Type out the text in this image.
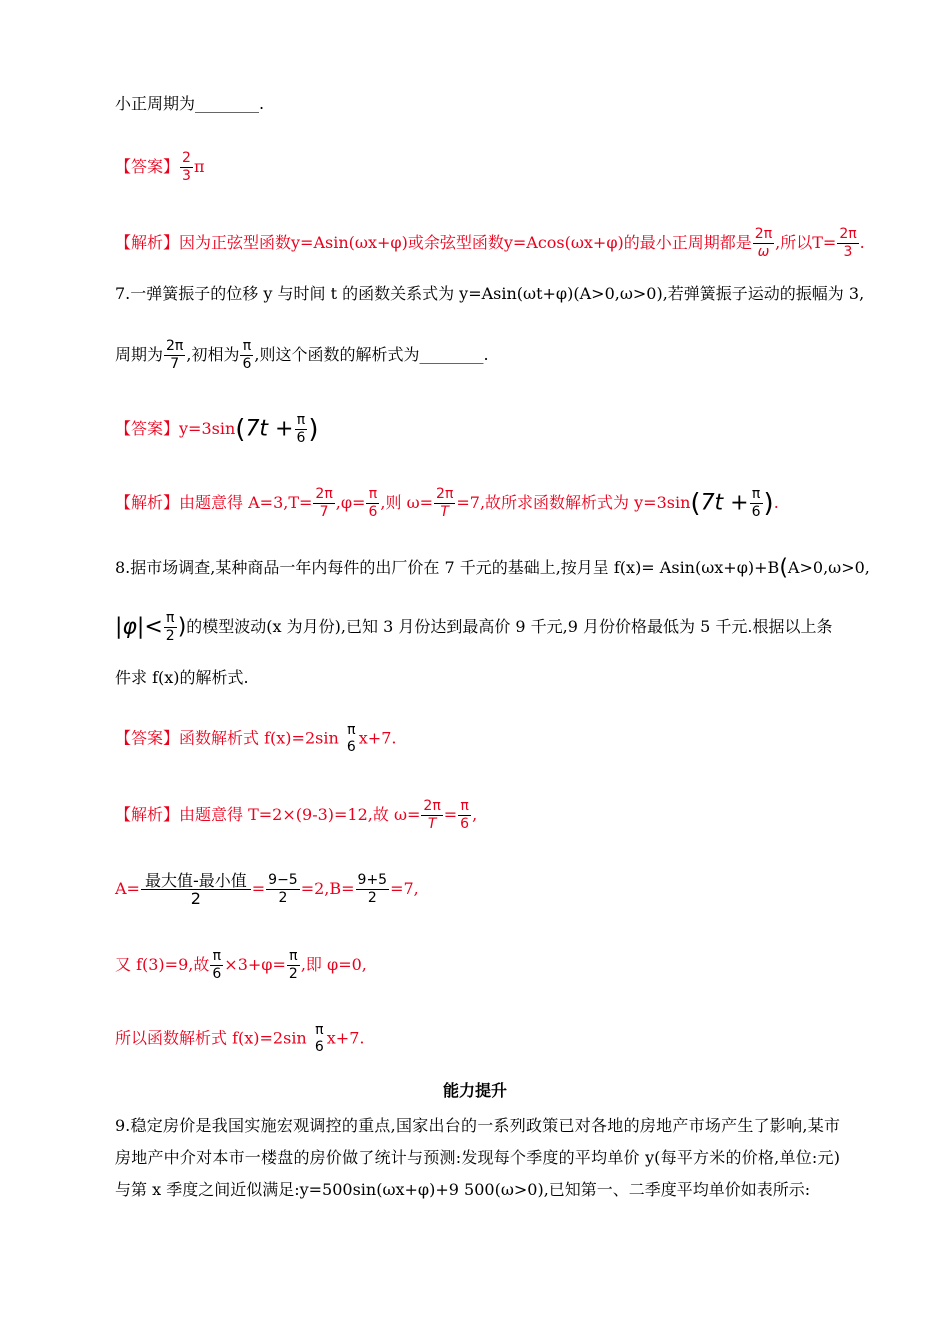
小正周期为________.
【答案】 $\frac{2}{3}$ π
【解析】因为正弦型函数y=Asin(ωx+φ)或余弦型函数y=Acos(ωx+φ)的最小正周期都是 $\frac{2\pi}{\omega}$ ,所以$T= \frac{2\pi}{3}$ .
7.一弹簧振子的位移 y 与时间 t 的函数关系式为 y=Asin(ωt+φ)(A>0,ω>0),若弹簧振子运动的振幅为 3,
周期为 $\frac{2\pi}{7}$ ,初相为 $\frac{\pi}{6}$ ,则这个函数的解析式为________.
【答案】$y=3\sin(7t + \frac{\pi}{6}$ )
【解析】由题意得 $A=3,T= \frac{2\pi}{7} ,\varphi= \frac{\pi}{6}$ ,则 $\omega= \frac{2\pi}{T} =7$,故所求函数解析式为 $y=3\sin(7t + \frac{\pi}{6}$ ).
8.据市场调查,某种商品一年内每件的出厂价在 7 千元的基础上,按月呈 f(x)= Asin(ωx+φ)+B(A>0,ω>0,
$|\varphi|< \frac{\pi}{2}$ )的模型波动(x 为月份),已知 3 月份达到最高价 9 千元,9 月份价格最低为 5 千元.根据以上条
件求 f(x)的解析式.
【答案】函数解析式 f(x)=2sin π
6 x+7.
【解析】由题意得 T=2×(9-3)=12,故 $\omega= \frac{2\pi}{T} = \frac{\pi}{6}$ ,
$A= \frac{\text{最大值-最小值}}{2} = \frac{9-5}{2} =2,B= \frac{9+5}{2} =7$,
又 f(3)=9,故 $\frac{\pi}{6} \times 3+\varphi= \frac{\pi}{2}$ ,即 φ=0,
所以函数解析式 f(x)=2sin π
6 x+7.
能力提升
9.稳定房价是我国实施宏观调控的重点,国家出台的一系列政策已对各地的房地产市场产生了影响,某市房地产中介对本市一楼盘的房价做了统计与预测:发现每个季度的平均单价 y(每平方米的价格,单位:元)与第 x 季度之间近似满足:y=500sin(ωx+φ)+9 500(ω>0),已知第一、二季度平均单价如表所示:
